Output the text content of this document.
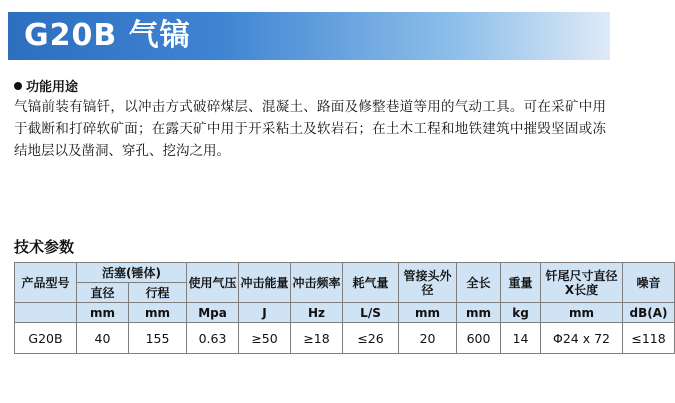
G20B 气镐
功能用途
气镐前装有镐钎，以冲击方式破碎煤层、混凝土、路面及修整巷道等用的气动工具。可在采矿中用于截断和打碎软矿面；在露天矿中用于开采粘土及软岩石；在土木工程和地铁建筑中摧毁坚固或冻结地层以及凿洞、穿孔、挖沟之用。
技术参数
产品型号	活塞(锤体)		使用气压	冲击能量	冲击频率	耗气量	管接头外径	全长	重量	钎尾尺寸直径X长度	噪音
	直径	行程									
	mm	mm	Mpa	J	Hz	L/S	mm	mm	kg	mm	dB(A)
G20B	40	155	0.63	≥50	≥18	≤26	20	600	14	Φ24 x 72	≤118
